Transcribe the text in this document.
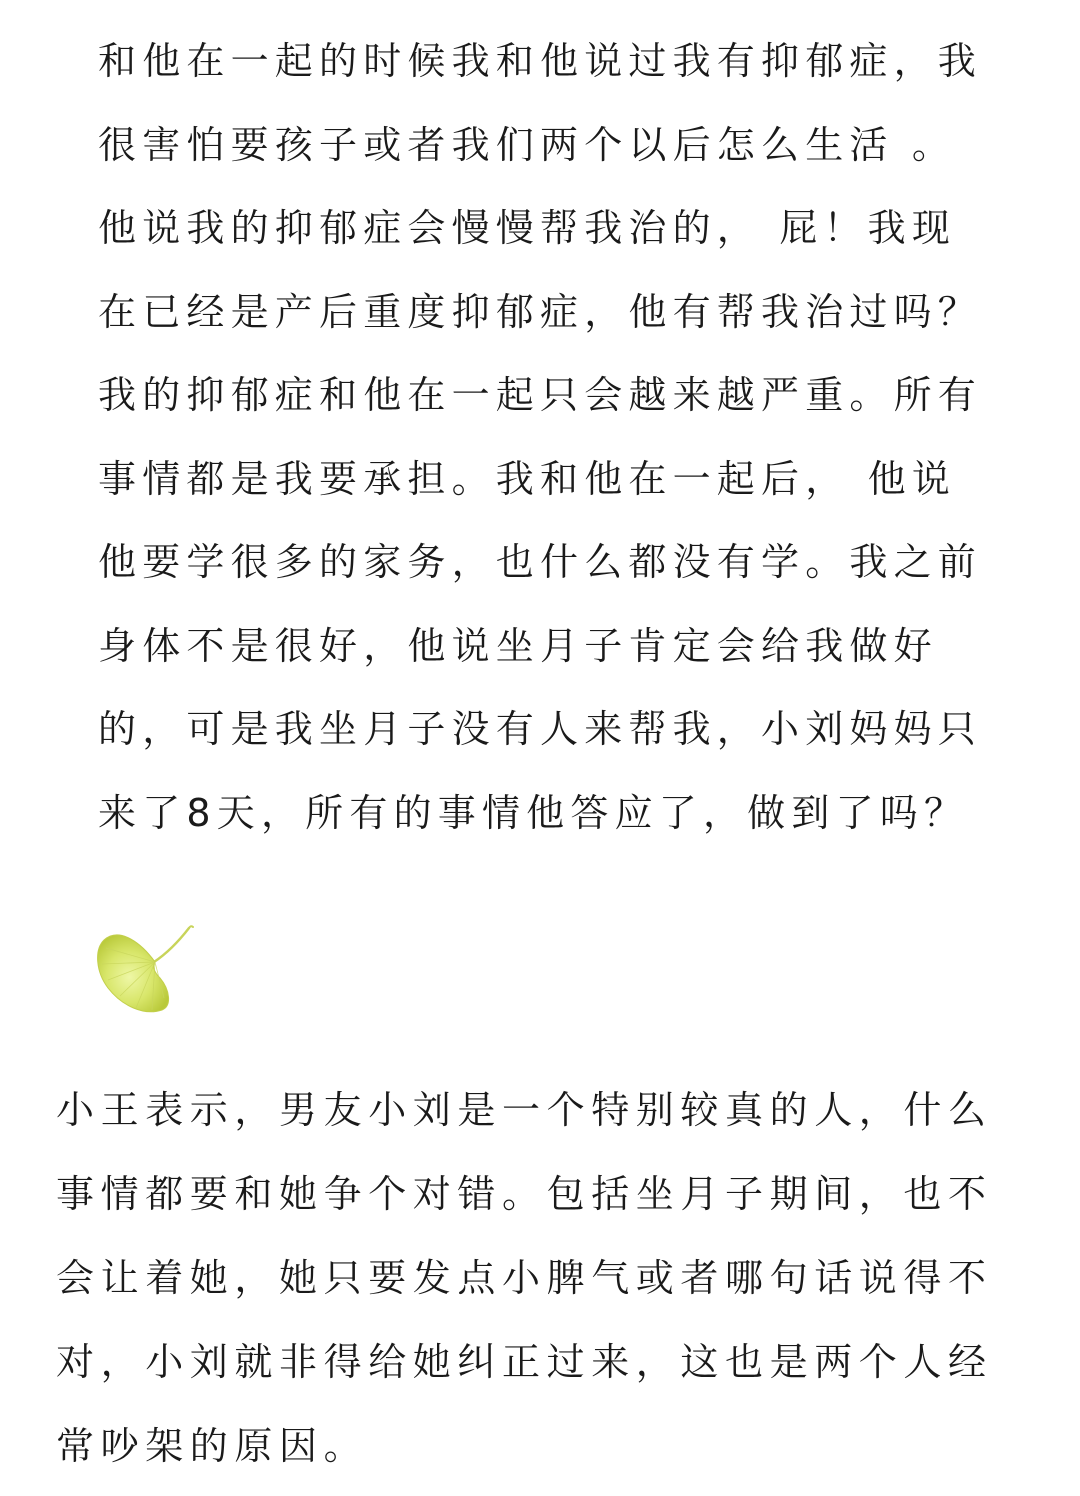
和他在一起的时候我和他说过我有抑郁症，我

很害怕要孩子或者我们两个以后怎么生活 。

他说我的抑郁症会慢慢帮我治的， 屁！我现

在已经是产后重度抑郁症，他有帮我治过吗？

我的抑郁症和他在一起只会越来越严重。所有

事情都是我要承担。我和他在一起后， 他说

他要学很多的家务，也什么都没有学。我之前

身体不是很好，他说坐月子肯定会给我做好

的，可是我坐月子没有人来帮我，小刘妈妈只

来了8天，所有的事情他答应了，做到了吗？

小王表示，男友小刘是一个特别较真的人，什么

事情都要和她争个对错。包括坐月子期间，也不

会让着她，她只要发点小脾气或者哪句话说得不

对，小刘就非得给她纠正过来，这也是两个人经

常吵架的原因。
